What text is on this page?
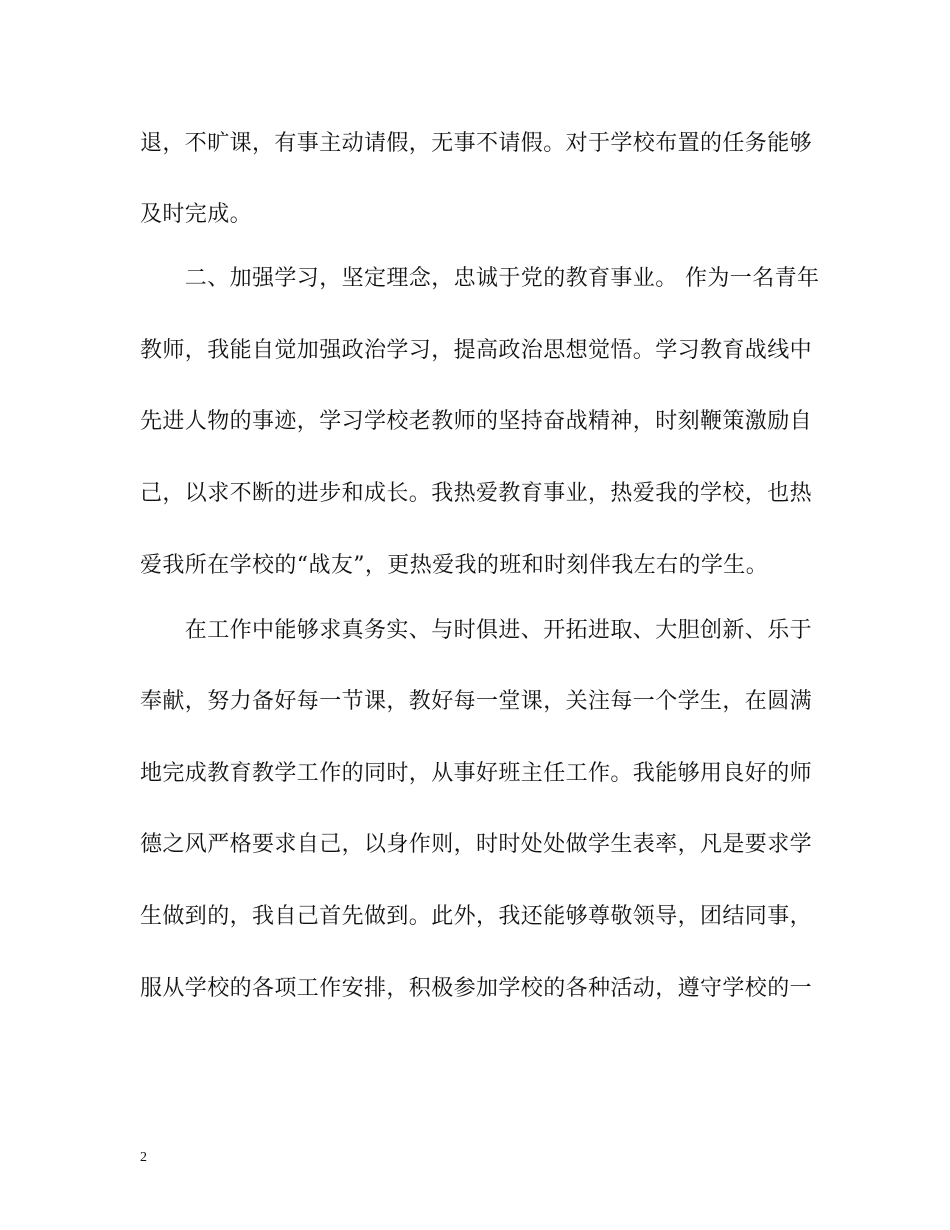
退，不旷课，有事主动请假，无事不请假。对于学校布置的任务能够
及时完成。
　　二、加强学习，坚定理念，忠诚于党的教育事业。 作为一名青年
教师，我能自觉加强政治学习，提高政治思想觉悟。学习教育战线中
先进人物的事迹，学习学校老教师的坚持奋战精神，时刻鞭策激励自
己，以求不断的进步和成长。我热爱教育事业，热爱我的学校，也热
爱我所在学校的“战友”，更热爱我的班和时刻伴我左右的学生。
　　在工作中能够求真务实、与时俱进、开拓进取、大胆创新、乐于
奉献，努力备好每一节课，教好每一堂课，关注每一个学生，在圆满
地完成教育教学工作的同时，从事好班主任工作。我能够用良好的师
德之风严格要求自己，以身作则，时时处处做学生表率，凡是要求学
生做到的，我自己首先做到。此外，我还能够尊敬领导，团结同事，
服从学校的各项工作安排，积极参加学校的各种活动，遵守学校的一
2
